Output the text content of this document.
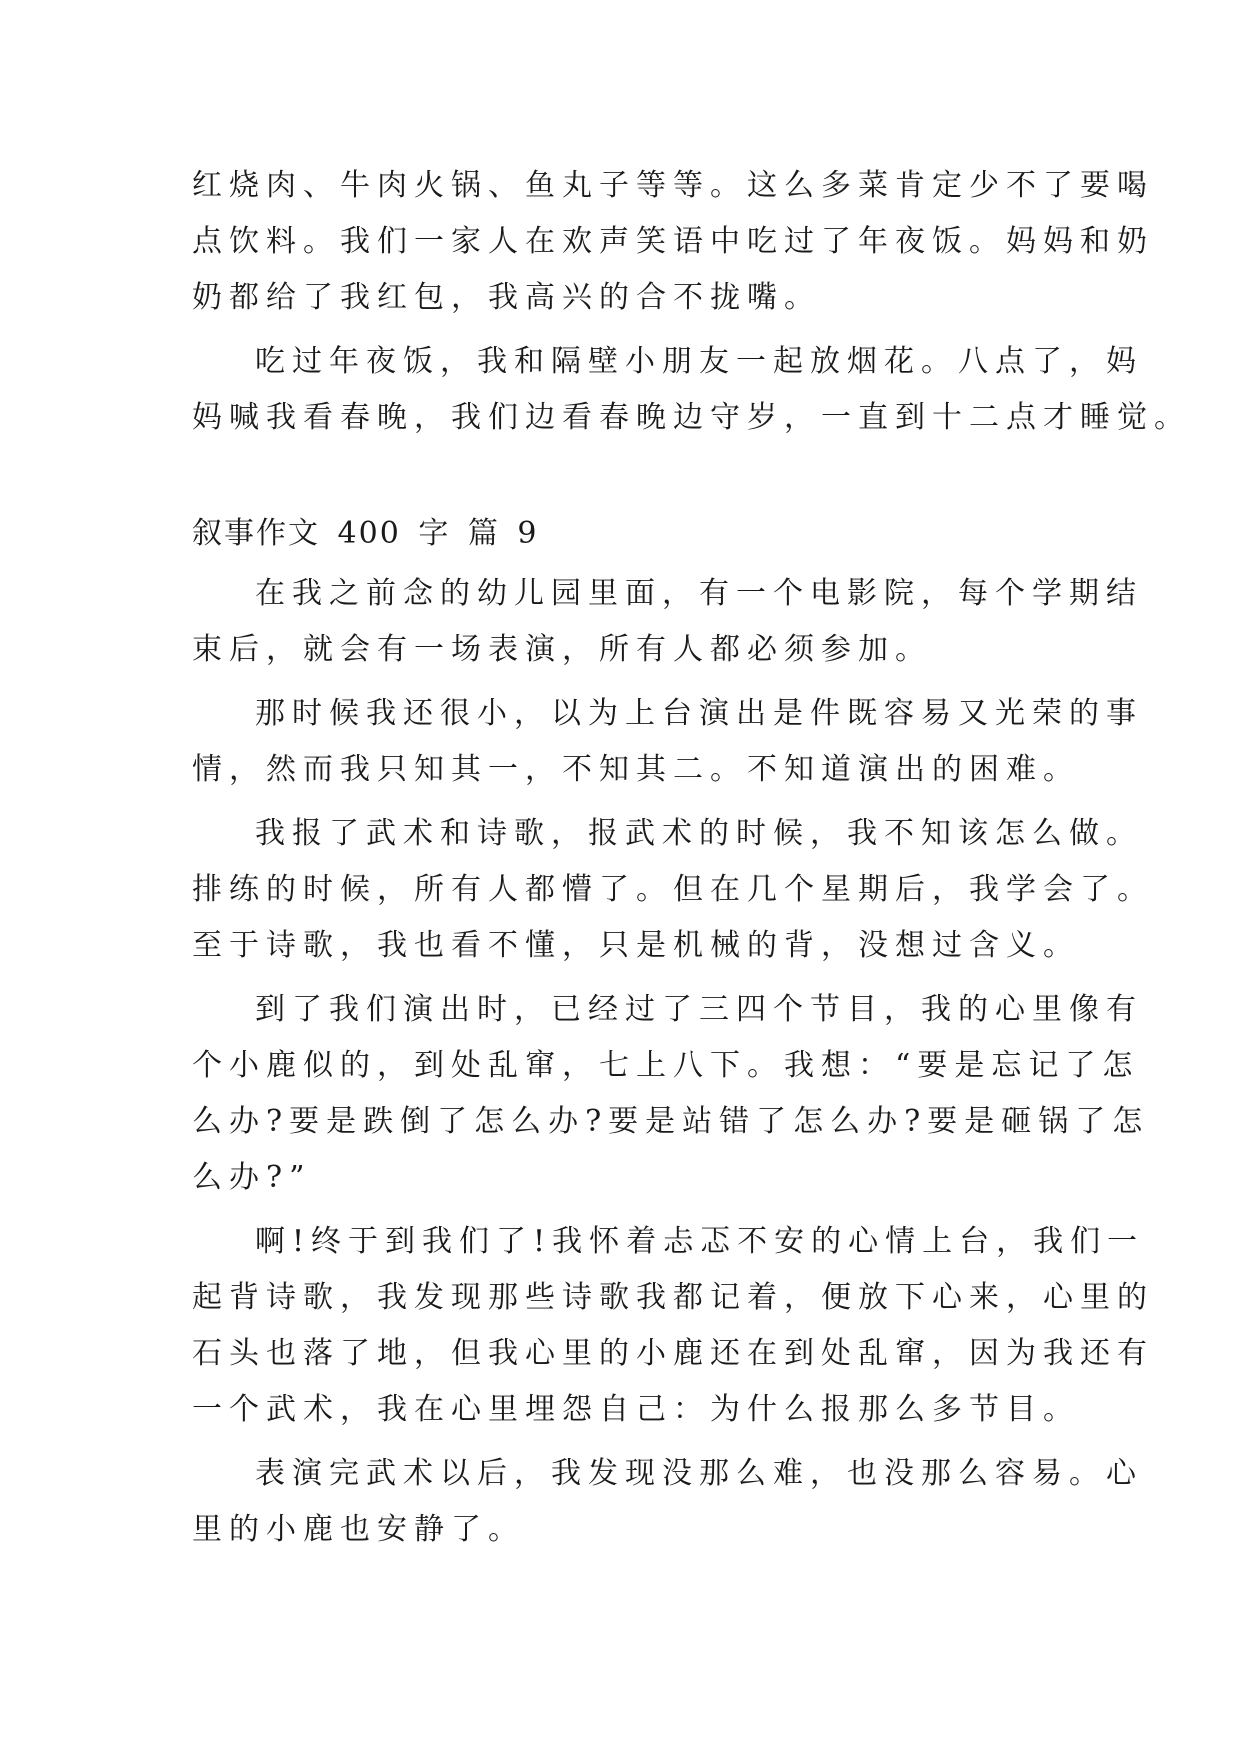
红烧肉、牛肉火锅、鱼丸子等等。这么多菜肯定少不了要喝
点饮料。我们一家人在欢声笑语中吃过了年夜饭。妈妈和奶
奶都给了我红包，我高兴的合不拢嘴。
吃过年夜饭，我和隔壁小朋友一起放烟花。八点了，妈
妈喊我看春晚，我们边看春晚边守岁，一直到十二点才睡觉。
叙事作文 400 字 篇 9
在我之前念的幼儿园里面，有一个电影院，每个学期结
束后，就会有一场表演，所有人都必须参加。
那时候我还很小，以为上台演出是件既容易又光荣的事
情，然而我只知其一，不知其二。不知道演出的困难。
我报了武术和诗歌，报武术的时候，我不知该怎么做。
排练的时候，所有人都懵了。但在几个星期后，我学会了。
至于诗歌，我也看不懂，只是机械的背，没想过含义。
到了我们演出时，已经过了三四个节目，我的心里像有
个小鹿似的，到处乱窜，七上八下。我想：“要是忘记了怎
么办?要是跌倒了怎么办?要是站错了怎么办?要是砸锅了怎
么办?”
啊!终于到我们了!我怀着忐忑不安的心情上台，我们一
起背诗歌，我发现那些诗歌我都记着，便放下心来，心里的
石头也落了地，但我心里的小鹿还在到处乱窜，因为我还有
一个武术，我在心里埋怨自己：为什么报那么多节目。
表演完武术以后，我发现没那么难，也没那么容易。心
里的小鹿也安静了。
